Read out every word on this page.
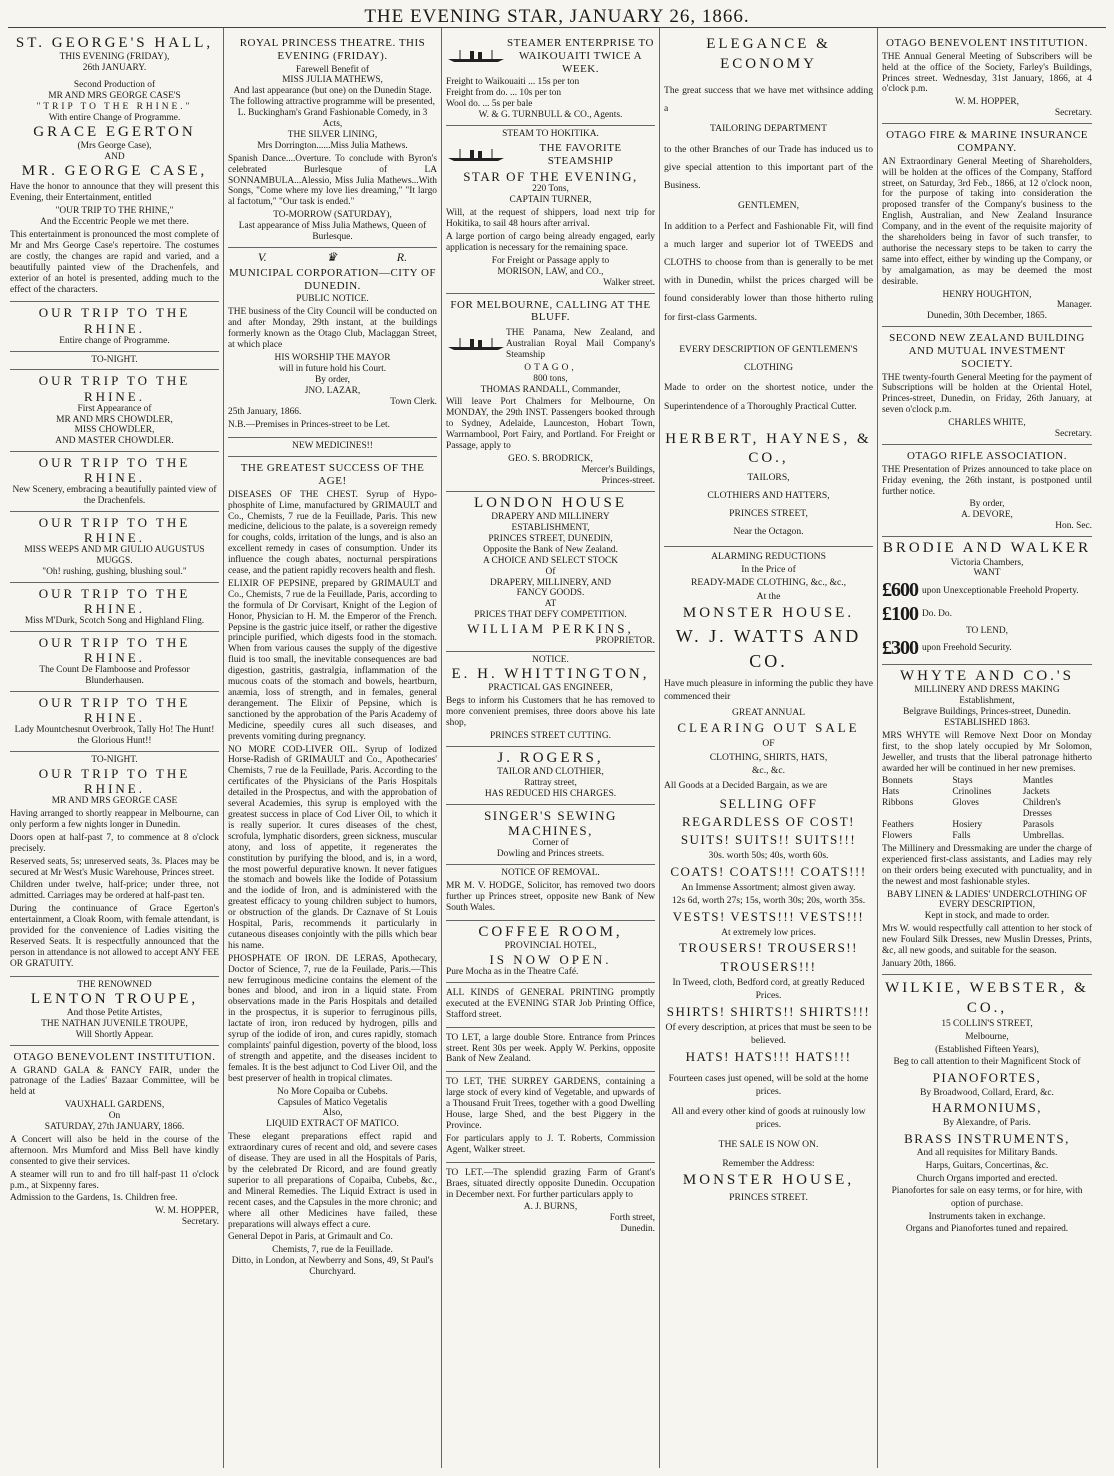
THE EVENING STAR, JANUARY 26, 1866.
ST. GEORGE'S HALL,
THIS EVENING (FRIDAY),
26th JANUARY.
Second Production of
MR AND MRS GEORGE CASE'S
"TRIP TO THE RHINE."
With entire Change of Programme.
GRACE EGERTON
(Mrs George Case),
AND
MR. GEORGE CASE,

Have the honor to announce that they will present this Evening, their Entertainment, entitled

"OUR TRIP TO THE RHINE,"
And the Eccentric People we met there.

This entertainment is pronounced the most complete of Mr and Mrs George Case's repertoire. The costumes are costly, the changes are rapid and varied, and a beautifully painted view of the Drachenfels, and exterior of an hotel is presented, adding much to the effect of the characters.

OUR TRIP TO THE RHINE.
Entire change of Programme.
TO-NIGHT.
OUR TRIP TO THE RHINE.
First Appearance of
MR AND MRS CHOWDLER,
MISS CHOWDLER,
AND MASTER CHOWDLER.
OUR TRIP TO THE RHINE.
New Scenery, embracing a beautifully painted view of the Drachenfels.
OUR TRIP TO THE RHINE.
MISS WEEPS AND MR GIULIO AUGUSTUS MUGGS.
"Oh! rushing, gushing, blushing soul."
OUR TRIP TO THE RHINE.
Miss M'Durk, Scotch Song and Highland Fling.
OUR TRIP TO THE RHINE.
The Count De Flamboose and Professor Blunderhausen.
OUR TRIP TO THE RHINE.
Lady Mountchesnut Overbrook, Tally Ho! The Hunt! the Glorious Hunt!!
TO-NIGHT.
OUR TRIP TO THE RHINE.
MR AND MRS GEORGE CASE

Having arranged to shortly reappear in Melbourne, can only perform a few nights longer in Dunedin.

Doors open at half-past 7, to commence at 8 o'clock precisely.

Reserved seats, 5s; unreserved seats, 3s. Places may be secured at Mr West's Music Warehouse, Princes street.

Children under twelve, half-price; under three, not admitted. Carriages may be ordered at half-past ten.

During the continuance of Grace Egerton's entertainment, a Cloak Room, with female attendant, is provided for the convenience of Ladies visiting the Reserved Seats. It is respectfully announced that the person in attendance is not allowed to accept ANY FEE OR GRATUITY.

THE RENOWNED
LENTON TROUPE,
And those Petite Artistes,
THE NATHAN JUVENILE TROUPE,
Will Shortly Appear.
OTAGO BENEVOLENT INSTITUTION.

A GRAND GALA & FANCY FAIR, under the patronage of the Ladies' Bazaar Committee, will be held at

VAUXHALL GARDENS,
On
SATURDAY, 27th JANUARY, 1866.

A Concert will also be held in the course of the afternoon. Mrs Mumford and Miss Bell have kindly consented to give their services.

A steamer will run to and fro till half-past 11 o'clock p.m., at Sixpenny fares.

Admission to the Gardens, 1s. Children free.

W. M. HOPPER,
Secretary.
ROYAL PRINCESS THEATRE. THIS EVENING (FRIDAY).
Farewell Benefit of
MISS JULIA MATHEWS,
And last appearance (but one) on the Dunedin Stage.
The following attractive programme will be presented,
L. Buckingham's Grand Fashionable Comedy, in 3 Acts,
THE SILVER LINING,
Mrs Dorrington......Miss Julia Mathews.

Spanish Dance....Overture. To conclude with Byron's celebrated Burlesque of LA SONNAMBULA...Alessio, Miss Julia Mathews...With Songs, "Come where my love lies dreaming," "It largo al factotum," "Our task is ended."

TO-MORROW (SATURDAY),
Last appearance of Miss Julia Mathews, Queen of Burlesque.
V.	♛	R.
MUNICIPAL CORPORATION—CITY OF DUNEDIN.
PUBLIC NOTICE.

THE business of the City Council will be conducted on and after Monday, 29th instant, at the buildings formerly known as the Otago Club, Maclaggan Street, at which place

HIS WORSHIP THE MAYOR
will in future hold his Court.
By order,
JNO. LAZAR,
Town Clerk.
25th January, 1866.

N.B.—Premises in Princes-street to be Let.

NEW MEDICINES!!
THE GREATEST SUCCESS OF THE AGE!

DISEASES OF THE CHEST. Syrup of Hypo-phosphite of Lime, manufactured by GRIMAULT and Co., Chemists, 7 rue de la Feuillade, Paris. This new medicine, delicious to the palate, is a sovereign remedy for coughs, colds, irritation of the lungs, and is also an excellent remedy in cases of consumption. Under its influence the cough abates, nocturnal perspirations cease, and the patient rapidly recovers health and flesh.

ELIXIR OF PEPSINE, prepared by GRIMAULT and Co., Chemists, 7 rue de la Feuillade, Paris, according to the formula of Dr Corvisart, Knight of the Legion of Honor, Physician to H. M. the Emperor of the French. Pepsine is the gastric juice itself, or rather the digestive principle purified, which digests food in the stomach. When from various causes the supply of the digestive fluid is too small, the inevitable consequences are bad digestion, gastritis, gastralgia, inflammation of the mucous coats of the stomach and bowels, heartburn, anæmia, loss of strength, and in females, general derangement. The Elixir of Pepsine, which is sanctioned by the approbation of the Paris Academy of Medicine, speedily cures all such diseases, and prevents vomiting during pregnancy.

NO MORE COD-LIVER OIL. Syrup of Iodized Horse-Radish of GRIMAULT and Co., Apothecaries' Chemists, 7 rue de la Feuillade, Paris. According to the certificates of the Physicians of the Paris Hospitals detailed in the Prospectus, and with the approbation of several Academies, this syrup is employed with the greatest success in place of Cod Liver Oil, to which it is really superior. It cures diseases of the chest, scrofula, lymphatic disorders, green sickness, muscular atony, and loss of appetite, it regenerates the constitution by purifying the blood, and is, in a word, the most powerful depurative known. It never fatigues the stomach and bowels like the Iodide of Potassium and the iodide of Iron, and is administered with the greatest efficacy to young children subject to humors, or obstruction of the glands. Dr Caznave of St Louis Hospital, Paris, recommends it particularly in cutaneous diseases conjointly with the pills which bear his name.

PHOSPHATE OF IRON. DE LERAS, Apothecary, Doctor of Science, 7, rue de la Feuilade, Paris.—This new ferruginous medicine contains the element of the bones and blood, and iron in a liquid state. From observations made in the Paris Hospitals and detailed in the prospectus, it is superior to ferruginous pills, lactate of iron, iron reduced by hydrogen, pills and syrup of the iodide of iron, and cures rapidly, stomach complaints' painful digestion, poverty of the blood, loss of strength and appetite, and the diseases incident to females. It is the best adjunct to Cod Liver Oil, and the best preserver of health in tropical climates.

No More Copaiba or Cubebs.
Capsules of Matico Vegetalis
Also,
LIQUID EXTRACT OF MATICO.

These elegant preparations effect rapid and extraordinary cures of recent and old, and severe cases of disease. They are used in all the Hospitals of Paris, by the celebrated Dr Ricord, and are found greatly superior to all preparations of Copaiba, Cubebs, &c., and Mineral Remedies. The Liquid Extract is used in recent cases, and the Capsules in the more chronic; and where all other Medicines have failed, these preparations will always effect a cure.

General Depot in Paris, at Grimault and Co.

Chemists, 7, rue de la Feuillade.
Ditto, in London, at Newberry and Sons, 49, St Paul's Churchyard.
STEAMER ENTERPRISE TO WAIKOUAITI TWICE A WEEK.
Freight to Waikouaiti ... 15s per ton
Freight from do. ... 10s per ton
Wool do. ... 5s per bale
W. & G. TURNBULL & CO., Agents.
STEAM TO HOKITIKA.
THE FAVORITE STEAMSHIP
STAR OF THE EVENING,
220 Tons,
CAPTAIN TURNER,

Will, at the request of shippers, load next trip for Hokitika, to sail 48 hours after arrival.

A large portion of cargo being already engaged, early application is necessary for the remaining space.

For Freight or Passage apply to
MORISON, LAW, and CO.,
Walker street.
FOR MELBOURNE, CALLING AT THE BLUFF.

THE Panama, New Zealand, and Australian Royal Mail Company's Steamship

OTAGO,
800 tons,
THOMAS RANDALL, Commander,

Will leave Port Chalmers for Melbourne, On MONDAY, the 29th INST. Passengers booked through to Sydney, Adelaide, Launceston, Hobart Town, Warrnambool, Port Fairy, and Portland. For Freight or Passage, apply to

GEO. S. BRODRICK,
Mercer's Buildings,
Princes-street.
LONDON HOUSE
DRAPERY AND MILLINERY
ESTABLISHMENT,
PRINCES STREET, DUNEDIN,
Opposite the Bank of New Zealand.
A CHOICE AND SELECT STOCK
Of
DRAPERY, MILLINERY, AND
FANCY GOODS.
AT
PRICES THAT DEFY COMPETITION.
WILLIAM PERKINS,
PROPRIETOR.
NOTICE.
E. H. WHITTINGTON,
PRACTICAL GAS ENGINEER,

Begs to inform his Customers that he has removed to more convenient premises, three doors above his late shop,

PRINCES STREET CUTTING.
J. ROGERS,
TAILOR AND CLOTHIER,
Rattray street,
HAS REDUCED HIS CHARGES.
SINGER'S SEWING MACHINES,
Corner of
Dowling and Princes streets.
NOTICE OF REMOVAL.

MR M. V. HODGE, Solicitor, has removed two doors further up Princes street, opposite new Bank of New South Wales.

COFFEE ROOM,
PROVINCIAL HOTEL,
IS NOW OPEN.
Pure Mocha as in the Theatre Café.

ALL KINDS of GENERAL PRINTING promptly executed at the EVENING STAR Job Printing Office, Stafford street.

TO LET, a large double Store. Entrance from Princes street. Rent 30s per week. Apply W. Perkins, opposite Bank of New Zealand.

TO LET, THE SURREY GARDENS, containing a large stock of every kind of Vegetable, and upwards of a Thousand Fruit Trees, together with a good Dwelling House, large Shed, and the best Piggery in the Province.

For particulars apply to J. T. Roberts, Commission Agent, Walker street.

TO LET.—The splendid grazing Farm of Grant's Braes, situated directly opposite Dunedin. Occupation in December next. For further particulars apply to

A. J. BURNS,
Forth street,
Dunedin.
ELEGANCE & ECONOMY

The great success that we have met withsince adding a

TAILORING DEPARTMENT

to the other Branches of our Trade has induced us to give special attention to this important part of the Business.

GENTLEMEN,

In addition to a Perfect and Fashionable Fit, will find a much larger and superior lot of TWEEDS and CLOTHS to choose from than is generally to be met with in Dunedin, whilst the prices charged will be found considerably lower than those hitherto ruling for first-class Garments.

EVERY DESCRIPTION OF GENTLEMEN'S CLOTHING

Made to order on the shortest notice, under the Superintendence of a Thoroughly Practical Cutter.

HERBERT, HAYNES, & CO.,
TAILORS,
CLOTHIERS AND HATTERS,
PRINCES STREET,
Near the Octagon.
ALARMING REDUCTIONS
In the Price of
READY-MADE CLOTHING, &c., &c.,
At the
MONSTER HOUSE.
W. J. WATTS AND CO.

Have much pleasure in informing the public they have commenced their

GREAT ANNUAL
CLEARING OUT SALE
OF
CLOTHING, SHIRTS, HATS,
&c., &c.

All Goods at a Decided Bargain, as we are

SELLING OFF
REGARDLESS OF COST!
SUITS! SUITS!! SUITS!!!
30s. worth 50s; 40s, worth 60s.
COATS! COATS!!! COATS!!!
An Immense Assortment; almost given away.
12s 6d, worth 27s; 15s, worth 30s; 20s, worth 35s.
VESTS! VESTS!!! VESTS!!!
At extremely low prices.
TROUSERS! TROUSERS!!
TROUSERS!!!
In Tweed, cloth, Bedford cord, at greatly Reduced Prices.
SHIRTS! SHIRTS!! SHIRTS!!!
Of every description, at prices that must be seen to be believed.
HATS! HATS!!! HATS!!!
Fourteen cases just opened, will be sold at the home prices.
All and every other kind of goods at ruinously low prices.
THE SALE IS NOW ON.
Remember the Address:
MONSTER HOUSE,
PRINCES STREET.
OTAGO BENEVOLENT INSTITUTION.

THE Annual General Meeting of Subscribers will be held at the office of the Society, Farley's Buildings, Princes street. Wednesday, 31st January, 1866, at 4 o'clock p.m.

W. M. HOPPER,
Secretary.
OTAGO FIRE & MARINE INSURANCE COMPANY.

AN Extraordinary General Meeting of Shareholders, will be holden at the offices of the Company, Stafford street, on Saturday, 3rd Feb., 1866, at 12 o'clock noon, for the purpose of taking into consideration the proposed transfer of the Company's business to the English, Australian, and New Zealand Insurance Company, and in the event of the requisite majority of the shareholders being in favor of such transfer, to authorise the necessary steps to be taken to carry the same into effect, either by winding up the Company, or by amalgamation, as may be deemed the most desirable.

HENRY HOUGHTON,
Manager.
Dunedin, 30th December, 1865.
SECOND NEW ZEALAND BUILDING AND MUTUAL INVESTMENT SOCIETY.

THE twenty-fourth General Meeting for the payment of Subscriptions will be holden at the Oriental Hotel, Princes-street, Dunedin, on Friday, 26th January, at seven o'clock p.m.

CHARLES WHITE,
Secretary.
OTAGO RIFLE ASSOCIATION.

THE Presentation of Prizes announced to take place on Friday evening, the 26th instant, is postponed until further notice.

By order,
A. DEVORE,
Hon. Sec.
BRODIE AND WALKER
Victoria Chambers,
WANT
£600 upon Unexceptionable Freehold Property.
£100 Do. Do.
TO LEND,
£300 upon Freehold Security.
WHYTE AND CO.'S
MILLINERY AND DRESS MAKING
Establishment,
Belgrave Buildings, Princes-street, Dunedin.
ESTABLISHED 1863.

MRS WHYTE will Remove Next Door on Monday first, to the shop lately occupied by Mr Solomon, Jeweller, and trusts that the liberal patronage hitherto awarded her will be continued in her new premises.

Bonnets	Stays	Mantles
Hats	Crinolines	Jackets
Ribbons	Gloves	Children's Dresses
Feathers	Hosiery	Parasols
Flowers	Falls	Umbrellas.

The Millinery and Dressmaking are under the charge of experienced first-class assistants, and Ladies may rely on their orders being executed with punctuality, and in the newest and most fashionable styles.

BABY LINEN & LADIES' UNDERCLOTHING OF EVERY DESCRIPTION,
Kept in stock, and made to order.

Mrs W. would respectfully call attention to her stock of new Foulard Silk Dresses, new Muslin Dresses, Prints, &c, all new goods, and suitable for the season.

January 20th, 1866.
WILKIE, WEBSTER, & CO.,
15 COLLIN'S STREET,
Melbourne,
(Established Fifteen Years),
Beg to call attention to their Magnificent Stock of
PIANOFORTES,
By Broadwood, Collard, Erard, &c.
HARMONIUMS,
By Alexandre, of Paris.
BRASS INSTRUMENTS,
And all requisites for Military Bands.
Harps, Guitars, Concertinas, &c.
Church Organs imported and erected.
Pianofortes for sale on easy terms, or for hire, with option of purchase.
Instruments taken in exchange.
Organs and Pianofortes tuned and repaired.
